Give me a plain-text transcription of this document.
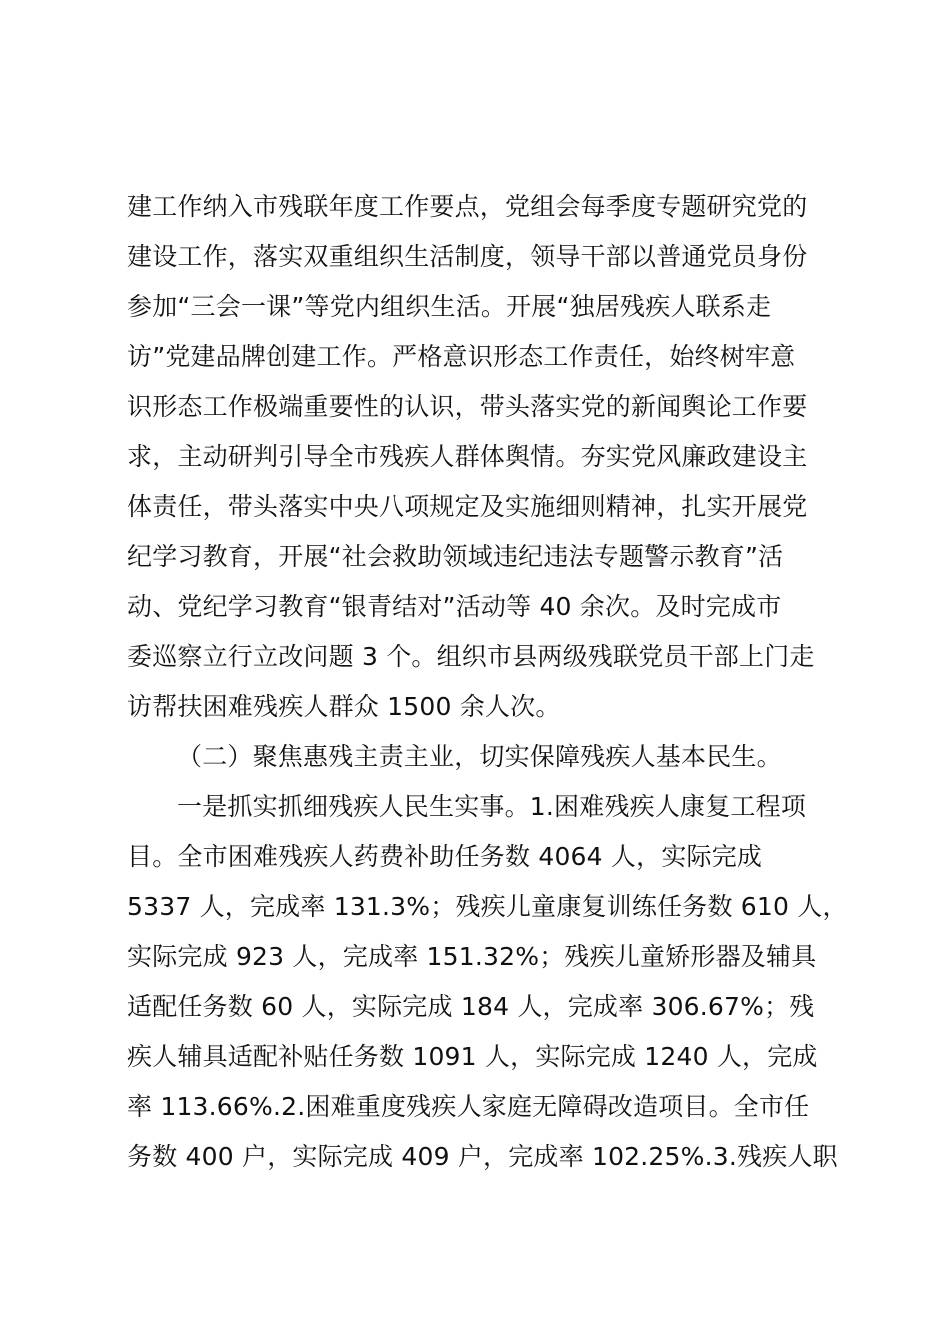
建工作纳入市残联年度工作要点，党组会每季度专题研究党的
建设工作，落实双重组织生活制度，领导干部以普通党员身份
参加“三会一课”等党内组织生活。开展“独居残疾人联系走
访”党建品牌创建工作。严格意识形态工作责任，始终树牢意
识形态工作极端重要性的认识，带头落实党的新闻舆论工作要
求，主动研判引导全市残疾人群体舆情。夯实党风廉政建设主
体责任，带头落实中央八项规定及实施细则精神，扎实开展党
纪学习教育，开展“社会救助领域违纪违法专题警示教育”活
动、党纪学习教育“银青结对”活动等 40 余次。及时完成市
委巡察立行立改问题 3 个。组织市县两级残联党员干部上门走
访帮扶困难残疾人群众 1500 余人次。
（二）聚焦惠残主责主业，切实保障残疾人基本民生。
一是抓实抓细残疾人民生实事。1.困难残疾人康复工程项
目。全市困难残疾人药费补助任务数 4064 人，实际完成
5337 人，完成率 131.3%；残疾儿童康复训练任务数 610 人，
实际完成 923 人，完成率 151.32%；残疾儿童矫形器及辅具
适配任务数 60 人，实际完成 184 人，完成率 306.67%；残
疾人辅具适配补贴任务数 1091 人，实际完成 1240 人，完成
率 113.66%.2.困难重度残疾人家庭无障碍改造项目。全市任
务数 400 户，实际完成 409 户，完成率 102.25%.3.残疾人职
